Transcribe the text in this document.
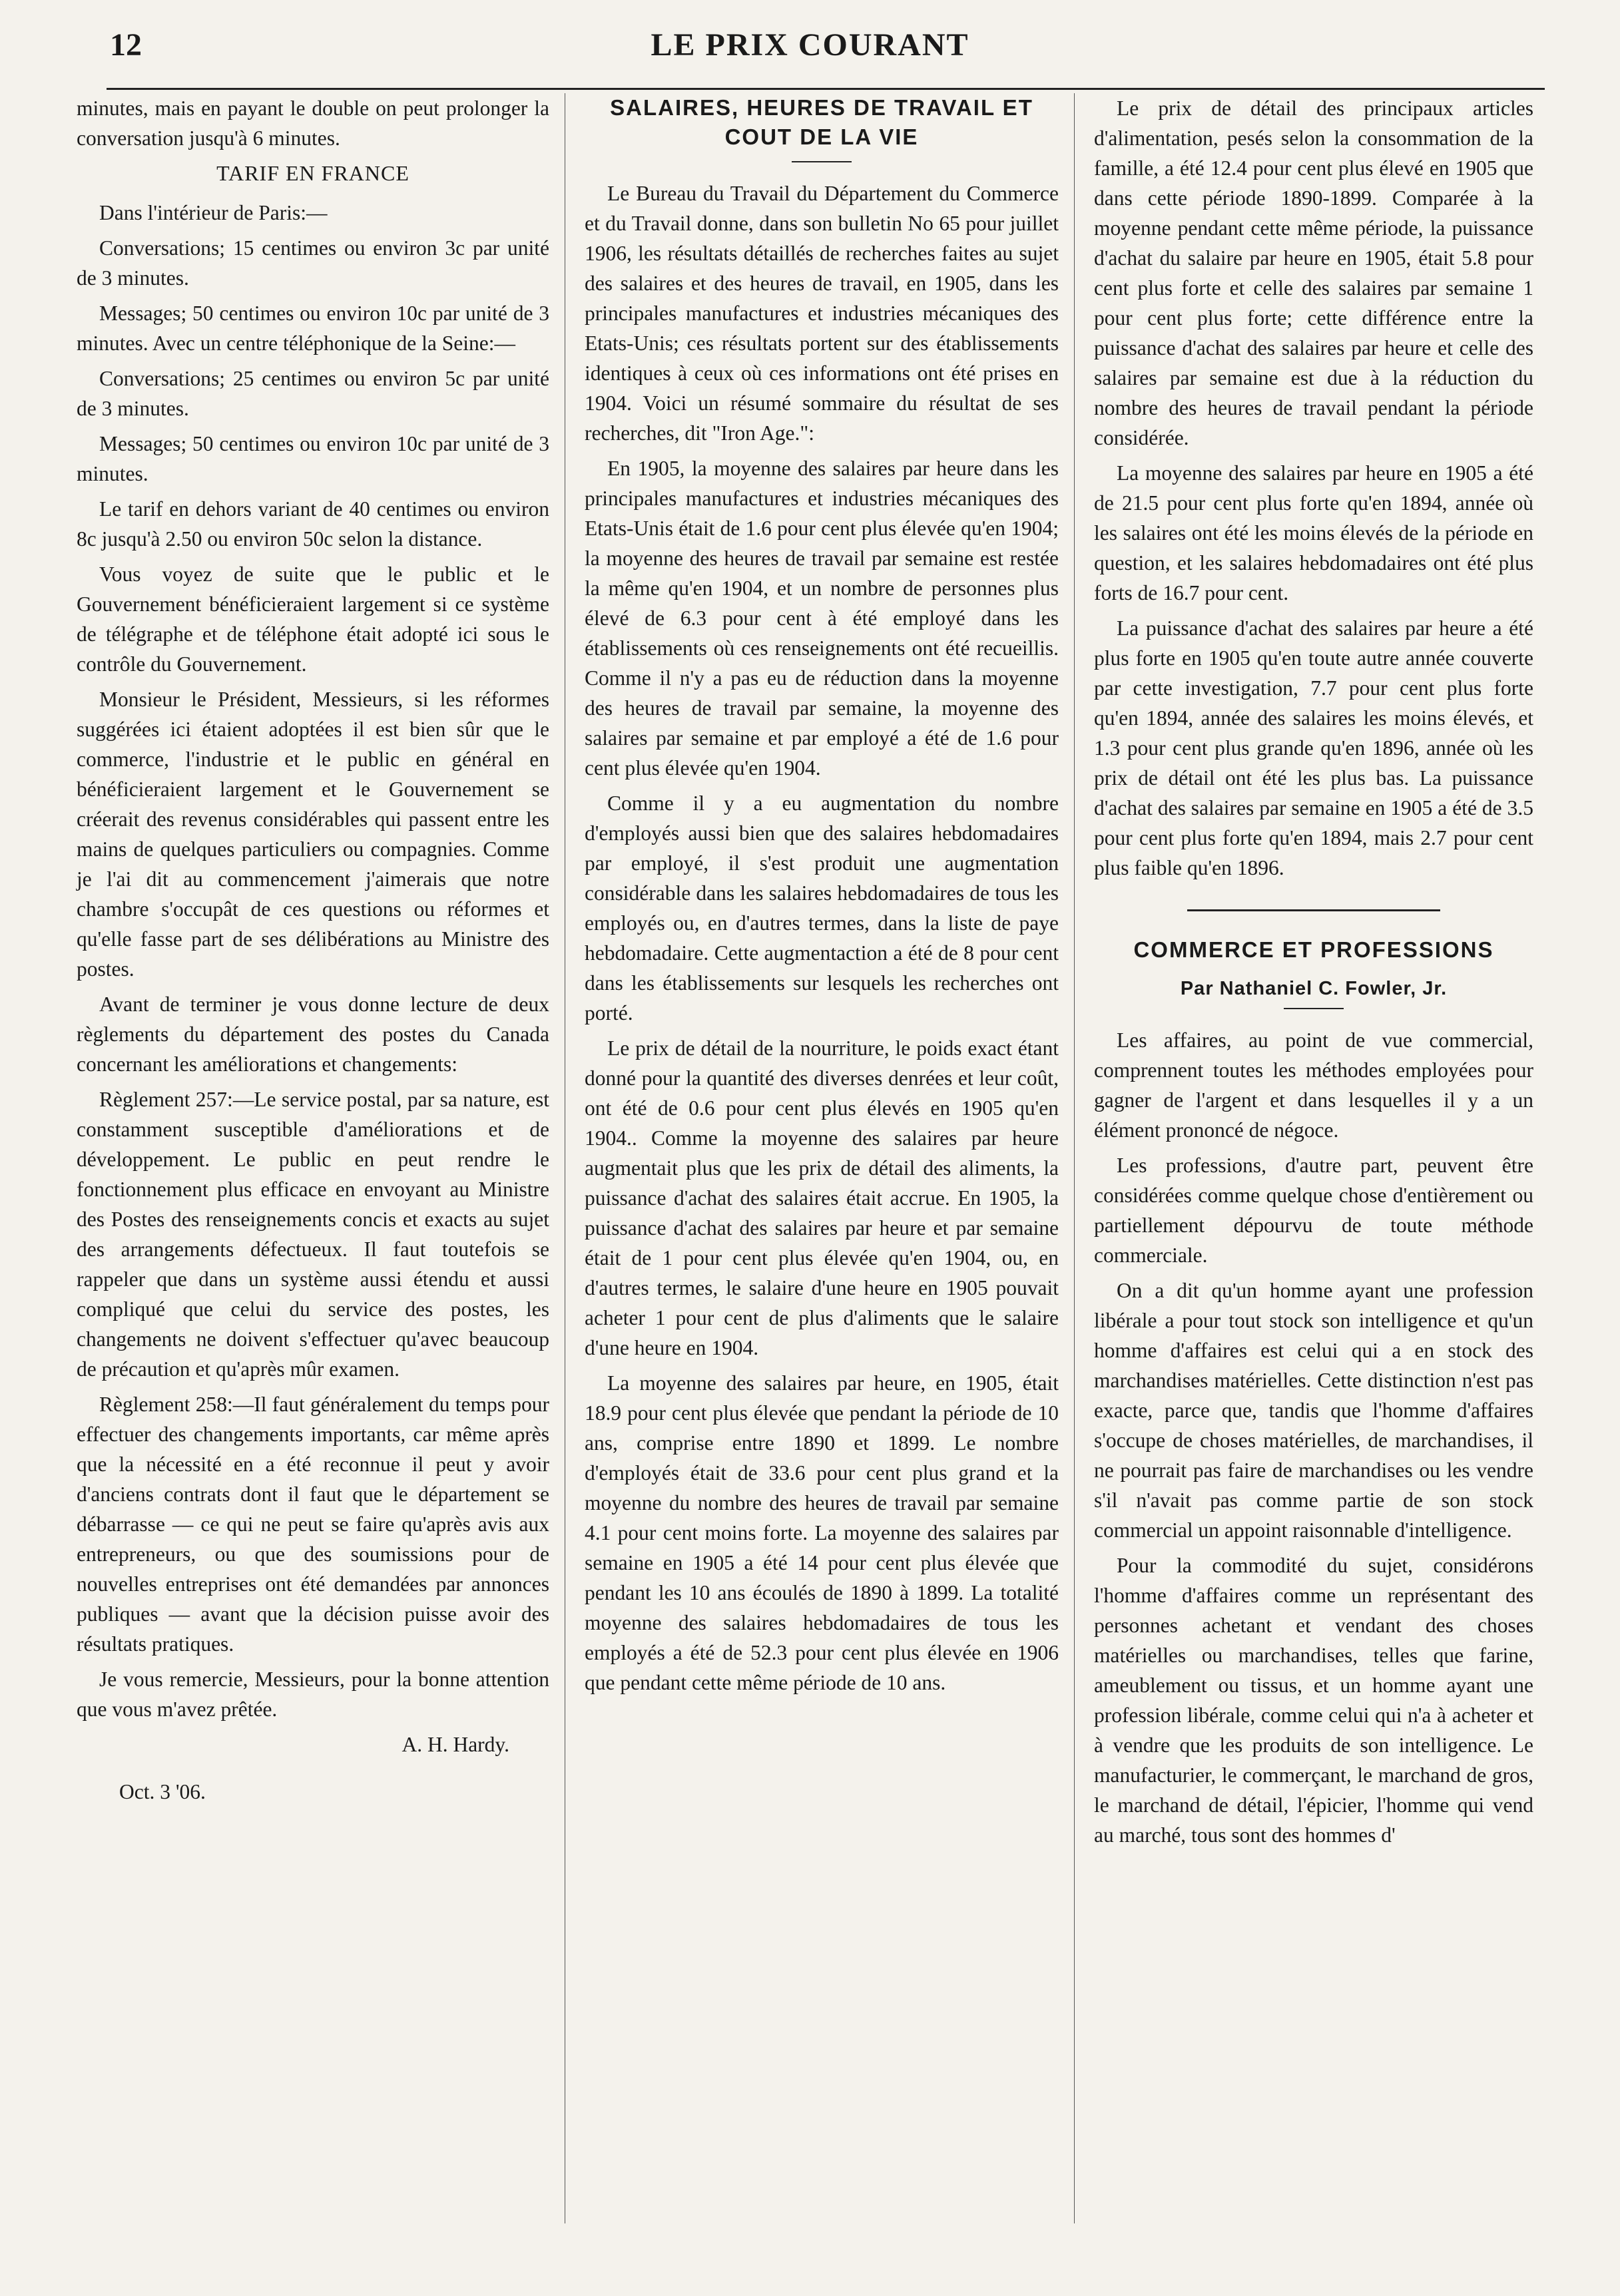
12	LE PRIX COURANT

minutes, mais en payant le double on peut prolonger la conversation jusqu'à 6 minutes.

TARIF EN FRANCE

Dans l'intérieur de Paris:—

Conversations; 15 centimes ou environ 3c par unité de 3 minutes.

Messages; 50 centimes ou environ 10c par unité de 3 minutes. Avec un centre téléphonique de la Seine:—

Conversations; 25 centimes ou environ 5c par unité de 3 minutes.

Messages; 50 centimes ou environ 10c par unité de 3 minutes.

Le tarif en dehors variant de 40 centimes ou environ 8c jusqu'à 2.50 ou environ 50c selon la distance.

Vous voyez de suite que le public et le Gouvernement bénéficieraient largement si ce système de télégraphe et de téléphone était adopté ici sous le contrôle du Gouvernement.

Monsieur le Président, Messieurs, si les réformes suggérées ici étaient adoptées il est bien sûr que le commerce, l'industrie et le public en général en bénéficieraient largement et le Gouvernement se créerait des revenus considérables qui passent entre les mains de quelques particuliers ou compagnies. Comme je l'ai dit au commencement j'aimerais que notre chambre s'occupât de ces questions ou réformes et qu'elle fasse part de ses délibérations au Ministre des postes.

Avant de terminer je vous donne lecture de deux règlements du département des postes du Canada concernant les améliorations et changements:

Règlement 257:—Le service postal, par sa nature, est constamment susceptible d'améliorations et de développement. Le public en peut rendre le fonctionnement plus efficace en envoyant au Ministre des Postes des renseignements concis et exacts au sujet des arrangements défectueux. Il faut toutefois se rappeler que dans un système aussi étendu et aussi compliqué que celui du service des postes, les changements ne doivent s'effectuer qu'avec beaucoup de précaution et qu'après mûr examen.

Règlement 258:—Il faut généralement du temps pour effectuer des changements importants, car même après que la nécessité en a été reconnue il peut y avoir d'anciens contrats dont il faut que le département se débarrasse — ce qui ne peut se faire qu'après avis aux entrepreneurs, ou que des soumissions pour de nouvelles entreprises ont été demandées par annonces publiques — avant que la décision puisse avoir des résultats pratiques.

Je vous remercie, Messieurs, pour la bonne attention que vous m'avez prêtée.

A. H. Hardy.

Oct. 3 '06.

SALAIRES, HEURES DE TRAVAIL ET COUT DE LA VIE

Le Bureau du Travail du Département du Commerce et du Travail donne, dans son bulletin No 65 pour juillet 1906, les résultats détaillés de recherches faites au sujet des salaires et des heures de travail, en 1905, dans les principales manufactures et industries mécaniques des Etats-Unis; ces résultats portent sur des établissements identiques à ceux où ces informations ont été prises en 1904. Voici un résumé sommaire du résultat de ses recherches, dit "Iron Age.":

En 1905, la moyenne des salaires par heure dans les principales manufactures et industries mécaniques des Etats-Unis était de 1.6 pour cent plus élevée qu'en 1904; la moyenne des heures de travail par semaine est restée la même qu'en 1904, et un nombre de personnes plus élevé de 6.3 pour cent à été employé dans les établissements où ces renseignements ont été recueillis. Comme il n'y a pas eu de réduction dans la moyenne des heures de travail par semaine, la moyenne des salaires par semaine et par employé a été de 1.6 pour cent plus élevée qu'en 1904.

Comme il y a eu augmentation du nombre d'employés aussi bien que des salaires hebdomadaires par employé, il s'est produit une augmentation considérable dans les salaires hebdomadaires de tous les employés ou, en d'autres termes, dans la liste de paye hebdomadaire. Cette augmentaction a été de 8 pour cent dans les établissements sur lesquels les recherches ont porté.

Le prix de détail de la nourriture, le poids exact étant donné pour la quantité des diverses denrées et leur coût, ont été de 0.6 pour cent plus élevés en 1905 qu'en 1904.. Comme la moyenne des salaires par heure augmentait plus que les prix de détail des aliments, la puissance d'achat des salaires était accrue. En 1905, la puissance d'achat des salaires par heure et par semaine était de 1 pour cent plus élevée qu'en 1904, ou, en d'autres termes, le salaire d'une heure en 1905 pouvait acheter 1 pour cent de plus d'aliments que le salaire d'une heure en 1904.

La moyenne des salaires par heure, en 1905, était 18.9 pour cent plus élevée que pendant la période de 10 ans, comprise entre 1890 et 1899. Le nombre d'employés était de 33.6 pour cent plus grand et la moyenne du nombre des heures de travail par semaine 4.1 pour cent moins forte. La moyenne des salaires par semaine en 1905 a été 14 pour cent plus élevée que pendant les 10 ans écoulés de 1890 à 1899. La totalité moyenne des salaires hebdomadaires de tous les employés a été de 52.3 pour cent plus élevée en 1906 que pendant cette même période de 10 ans.

Le prix de détail des principaux articles d'alimentation, pesés selon la consommation de la famille, a été 12.4 pour cent plus élevé en 1905 que dans cette période 1890-1899. Comparée à la moyenne pendant cette même période, la puissance d'achat du salaire par heure en 1905, était 5.8 pour cent plus forte et celle des salaires par semaine 1 pour cent plus forte; cette différence entre la puissance d'achat des salaires par heure et celle des salaires par semaine est due à la réduction du nombre des heures de travail pendant la période considérée.

La moyenne des salaires par heure en 1905 a été de 21.5 pour cent plus forte qu'en 1894, année où les salaires ont été les moins élevés de la période en question, et les salaires hebdomadaires ont été plus forts de 16.7 pour cent.

La puissance d'achat des salaires par heure a été plus forte en 1905 qu'en toute autre année couverte par cette investigation, 7.7 pour cent plus forte qu'en 1894, année des salaires les moins élevés, et 1.3 pour cent plus grande qu'en 1896, année où les prix de détail ont été les plus bas. La puissance d'achat des salaires par semaine en 1905 a été de 3.5 pour cent plus forte qu'en 1894, mais 2.7 pour cent plus faible qu'en 1896.

COMMERCE ET PROFESSIONS
Par Nathaniel C. Fowler, Jr.

Les affaires, au point de vue commercial, comprennent toutes les méthodes employées pour gagner de l'argent et dans lesquelles il y a un élément prononcé de négoce.

Les professions, d'autre part, peuvent être considérées comme quelque chose d'entièrement ou partiellement dépourvu de toute méthode commerciale.

On a dit qu'un homme ayant une profession libérale a pour tout stock son intelligence et qu'un homme d'affaires est celui qui a en stock des marchandises matérielles. Cette distinction n'est pas exacte, parce que, tandis que l'homme d'affaires s'occupe de choses matérielles, de marchandises, il ne pourrait pas faire de marchandises ou les vendre s'il n'avait pas comme partie de son stock commercial un appoint raisonnable d'intelligence.

Pour la commodité du sujet, considérons l'homme d'affaires comme un représentant des personnes achetant et vendant des choses matérielles ou marchandises, telles que farine, ameublement ou tissus, et un homme ayant une profession libérale, comme celui qui n'a à acheter et à vendre que les produits de son intelligence. Le manufacturier, le commerçant, le marchand de gros, le marchand de détail, l'épicier, l'homme qui vend au marché, tous sont des hommes d'
